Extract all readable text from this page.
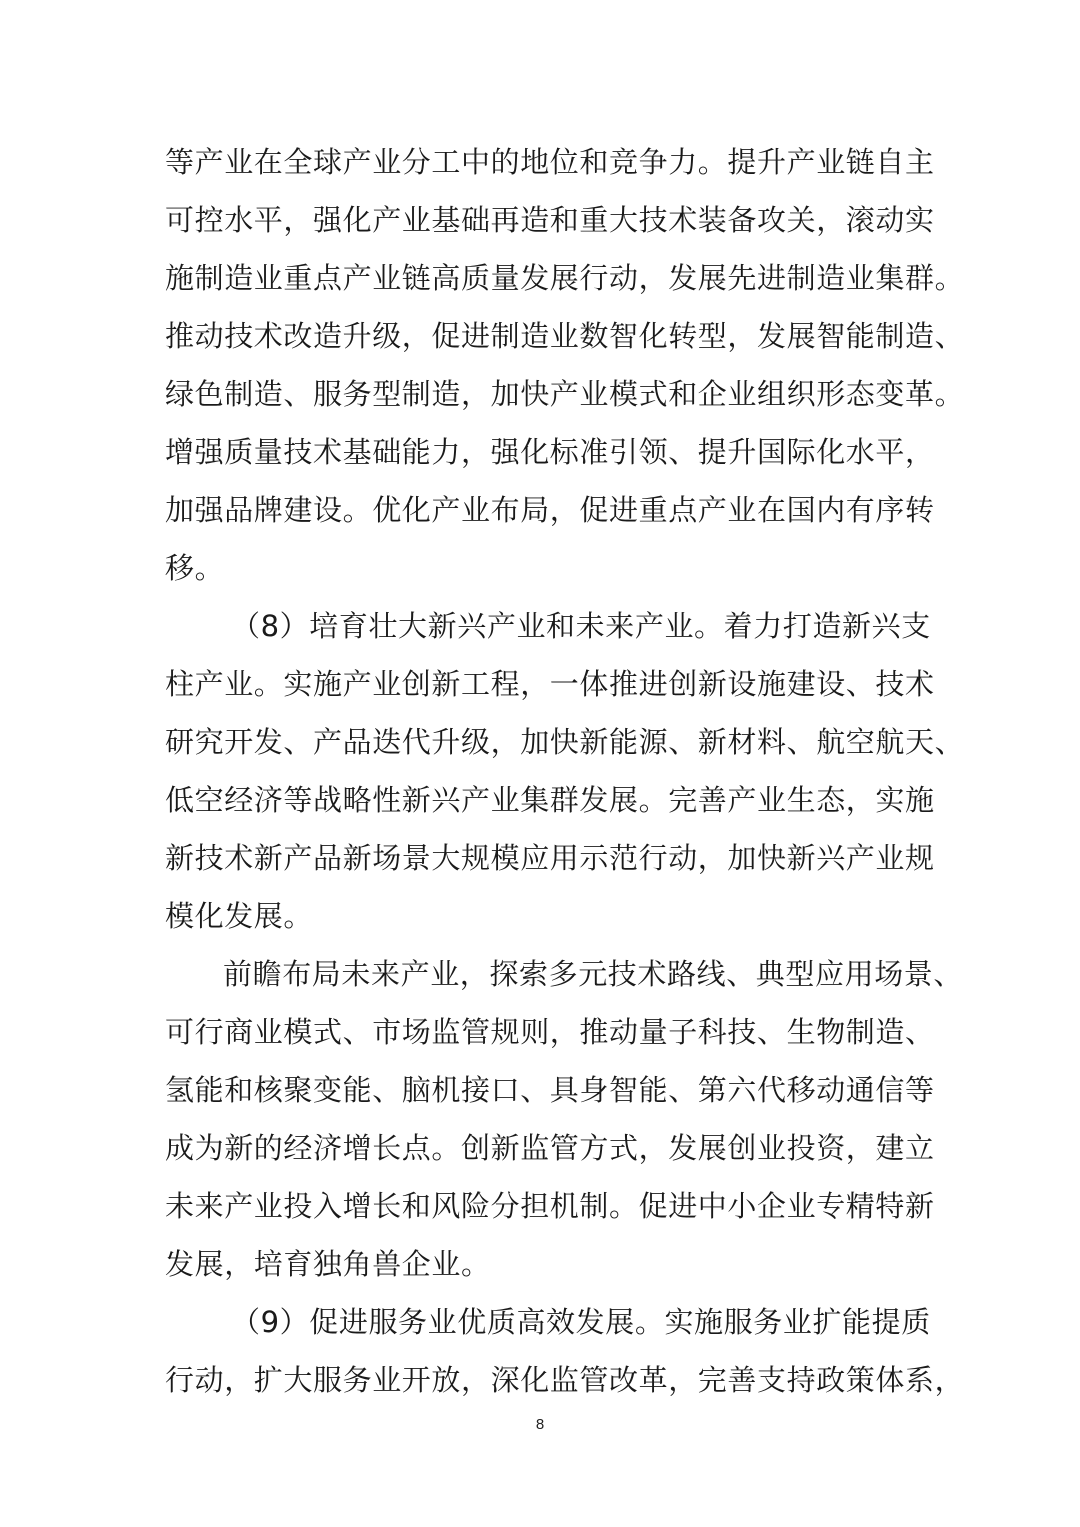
等产业在全球产业分工中的地位和竞争力。提升产业链自主
可控水平，强化产业基础再造和重大技术装备攻关，滚动实
施制造业重点产业链高质量发展行动，发展先进制造业集群。
推动技术改造升级，促进制造业数智化转型，发展智能制造、
绿色制造、服务型制造，加快产业模式和企业组织形态变革。
增强质量技术基础能力，强化标准引领、提升国际化水平，
加强品牌建设。优化产业布局，促进重点产业在国内有序转
移。
（8）培育壮大新兴产业和未来产业。着力打造新兴支
柱产业。实施产业创新工程，一体推进创新设施建设、技术
研究开发、产品迭代升级，加快新能源、新材料、航空航天、
低空经济等战略性新兴产业集群发展。完善产业生态，实施
新技术新产品新场景大规模应用示范行动，加快新兴产业规
模化发展。
前瞻布局未来产业，探索多元技术路线、典型应用场景、
可行商业模式、市场监管规则，推动量子科技、生物制造、
氢能和核聚变能、脑机接口、具身智能、第六代移动通信等
成为新的经济增长点。创新监管方式，发展创业投资，建立
未来产业投入增长和风险分担机制。促进中小企业专精特新
发展，培育独角兽企业。
（9）促进服务业优质高效发展。实施服务业扩能提质
行动，扩大服务业开放，深化监管改革，完善支持政策体系，
8
